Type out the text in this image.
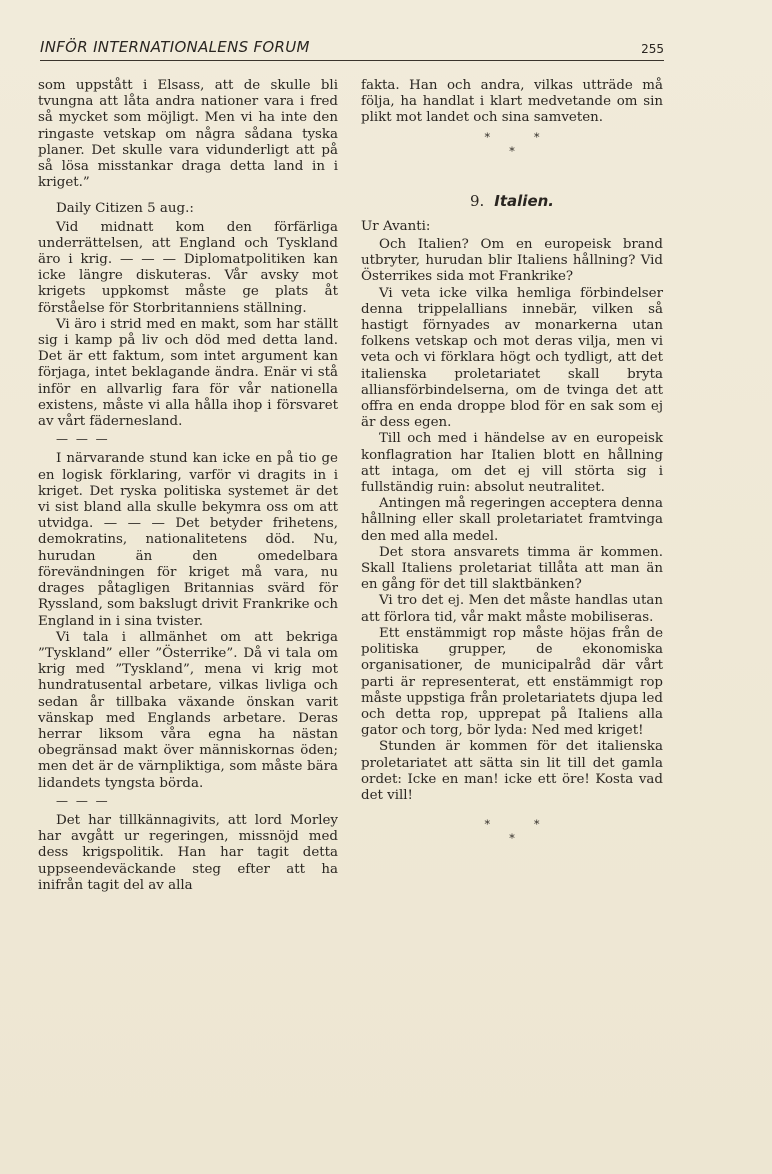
INFÖR INTERNATIONALENS FORUM	255

som uppstått i Elsass, att de skulle bli tvungna att låta andra nationer vara i fred så mycket som möjligt. Men vi ha inte den ringaste vetskap om några sådana tyska planer. Det skulle vara vidunderligt att på så lösa misstankar draga detta land in i kriget.”

Daily Citizen 5 aug.:

Vid midnatt kom den förfärliga underrättelsen, att England och Tyskland äro i krig. — — — Diplomatpolitiken kan icke längre diskuteras. Vår avsky mot krigets uppkomst måste ge plats åt förståelse för Storbritanniens ställning.

Vi äro i strid med en makt, som har ställt sig i kamp på liv och död med detta land. Det är ett faktum, som intet argument kan förjaga, intet beklagande ändra. Enär vi stå inför en allvarlig fara för vår nationella existens, måste vi alla hålla ihop i försvaret av vårt fädernesland.

— — —

I närvarande stund kan icke en på tio ge en logisk förklaring, varför vi dragits in i kriget. Det ryska politiska systemet är det vi sist bland alla skulle bekymra oss om att utvidga. — — — Det betyder frihetens, demokratins, nationalitetens död. Nu, hurudan än den omedelbara förevändningen för kriget må vara, nu drages påtagligen Britannias svärd för Ryssland, som bakslugt drivit Frankrike och England in i sina tvister.

Vi tala i allmänhet om att bekriga ”Tyskland” eller ”Österrike”. Då vi tala om krig med ”Tyskland”, mena vi krig mot hundratusental arbetare, vilkas livliga och sedan år tillbaka växande önskan varit vänskap med Englands arbetare. Deras herrar liksom våra egna ha nästan obegränsad makt över människornas öden; men det är de värnpliktiga, som måste bära lidandets tyngsta börda.

— — —

Det har tillkännagivits, att lord Morley har avgått ur regeringen, missnöjd med dess krigspolitik. Han har tagit detta uppseendeväckande steg efter att ha inifrån tagit del av alla

fakta. Han och andra, vilkas utträde må följa, ha handlat i klart medvetande om sin plikt mot landet och sina samveten.

*	*
*
9. Italien.

Ur Avanti:

Och Italien? Om en europeisk brand utbryter, hurudan blir Italiens hållning? Vid Österrikes sida mot Frankrike?

Vi veta icke vilka hemliga förbindelser denna trippelallians innebär, vilken så hastigt förnyades av monarkerna utan folkens vetskap och mot deras vilja, men vi veta och vi förklara högt och tydligt, att det italienska proletariatet skall bryta alliansförbindelserna, om de tvinga det att offra en enda droppe blod för en sak som ej är dess egen.

Till och med i händelse av en europeisk konflagration har Italien blott en hållning att intaga, om det ej vill störta sig i fullständig ruin: absolut neutralitet.

Antingen må regeringen acceptera denna hållning eller skall proletariatet framtvinga den med alla medel.

Det stora ansvarets timma är kommen. Skall Italiens proletariat tillåta att man än en gång för det till slaktbänken?

Vi tro det ej. Men det måste handlas utan att förlora tid, vår makt måste mobiliseras.

Ett enstämmigt rop måste höjas från de politiska grupper, de ekonomiska organisationer, de municipalråd där vårt parti är representerat, ett enstämmigt rop måste uppstiga från proletariatets djupa led och detta rop, upprepat på Italiens alla gator och torg, bör lyda: Ned med kriget!

Stunden är kommen för det italienska proletariatet att sätta sin lit till det gamla ordet: Icke en man! icke ett öre! Kosta vad det vill!

*	*
*
